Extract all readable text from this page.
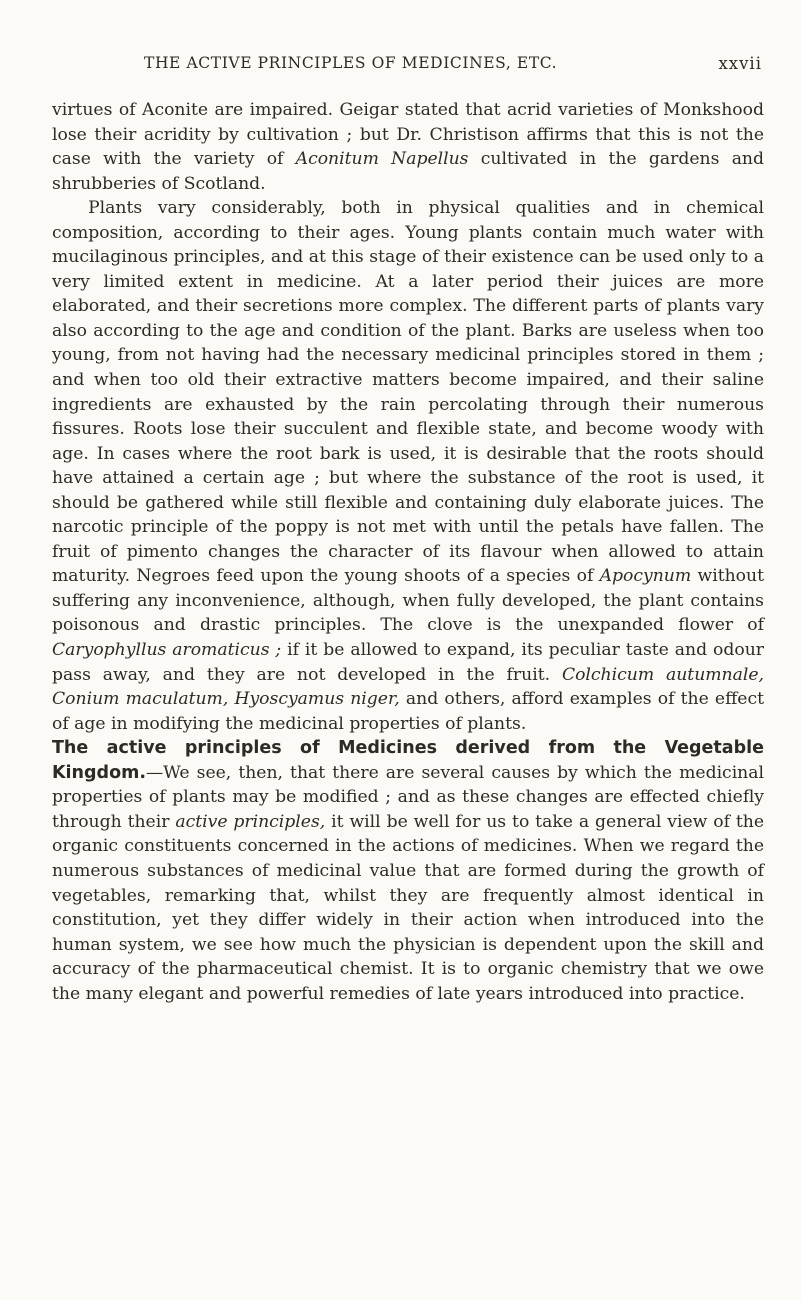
THE ACTIVE PRINCIPLES OF MEDICINES, ETC.	xxvii

virtues of Aconite are impaired. Geigar stated that acrid varieties of Monkshood lose their acridity by cultivation ; but Dr. Christison affirms that this is not the case with the variety of Aconitum Napellus cultivated in the gardens and shrubberies of Scotland.

Plants vary considerably, both in physical qualities and in chemical composition, according to their ages. Young plants contain much water with mucilaginous principles, and at this stage of their existence can be used only to a very limited extent in medicine. At a later period their juices are more elaborated, and their secretions more complex. The different parts of plants vary also according to the age and condition of the plant. Barks are useless when too young, from not having had the necessary medicinal principles stored in them ; and when too old their extractive matters become impaired, and their saline ingredients are exhausted by the rain percolating through their numerous fissures. Roots lose their succulent and flexible state, and become woody with age. In cases where the root bark is used, it is desirable that the roots should have attained a certain age ; but where the substance of the root is used, it should be gathered while still flexible and containing duly elaborate juices. The narcotic principle of the poppy is not met with until the petals have fallen. The fruit of pimento changes the character of its flavour when allowed to attain maturity. Negroes feed upon the young shoots of a species of Apocynum without suffering any inconvenience, although, when fully developed, the plant contains poisonous and drastic principles. The clove is the unexpanded flower of Caryophyllus aromaticus ; if it be allowed to expand, its peculiar taste and odour pass away, and they are not developed in the fruit. Colchicum autumnale, Conium maculatum, Hyoscyamus niger, and others, afford examples of the effect of age in modifying the medicinal properties of plants.

The active principles of Medicines derived from the Vegetable Kingdom.—We see, then, that there are several causes by which the medicinal properties of plants may be modified ; and as these changes are effected chiefly through their active principles, it will be well for us to take a general view of the organic constituents concerned in the actions of medicines. When we regard the numerous substances of medicinal value that are formed during the growth of vegetables, remarking that, whilst they are frequently almost identical in constitution, yet they differ widely in their action when introduced into the human system, we see how much the physician is dependent upon the skill and accuracy of the pharmaceutical chemist. It is to organic chemistry that we owe the many elegant and powerful remedies of late years introduced into practice.
